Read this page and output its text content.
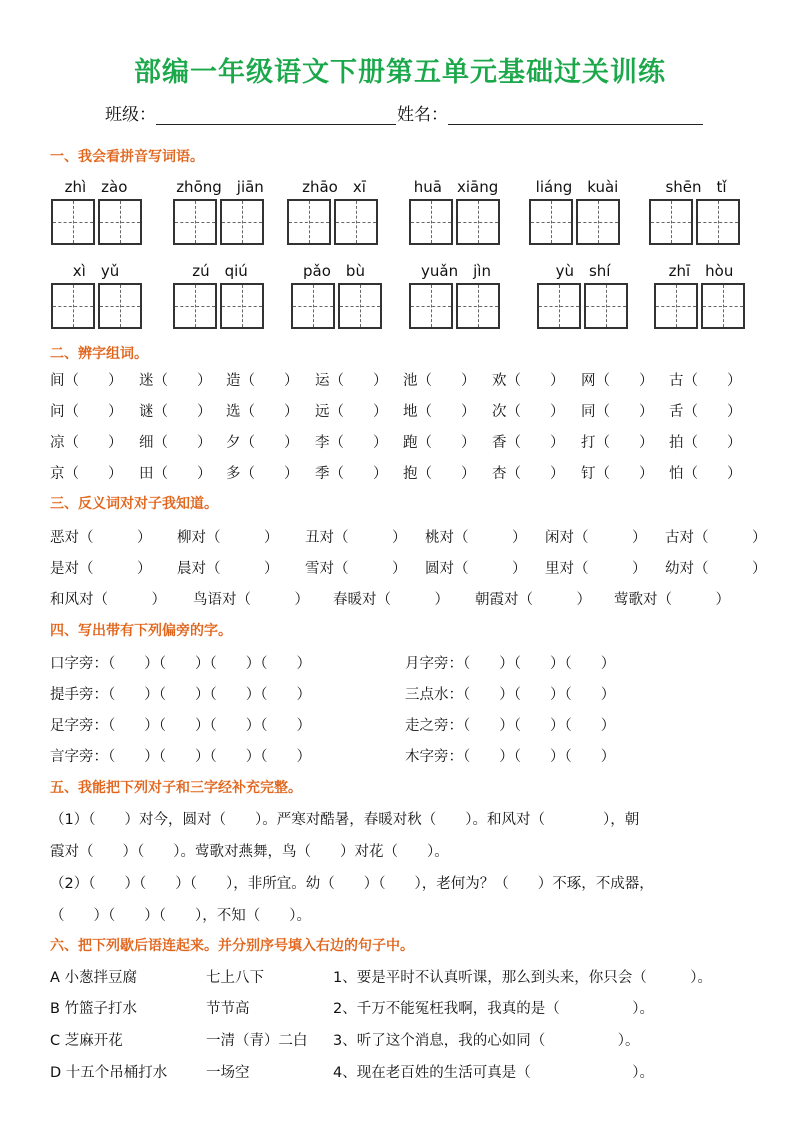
部编一年级语文下册第五单元基础过关训练
班级：	姓名：
一、我会看拼音写词语。
zhì　zào	zhōng　jiān	zhāo　xī	huā　xiāng	liáng　kuài	shēn　tǐ
xì　yǔ	zú　qiú	pǎo　bù	yuǎn　jìn	yù　shí	zhī　hòu
二、辨字组词。
间（　　） 迷（　　） 造（　　） 运（　　） 池（　　） 欢（　　） 网（　　） 古（　　）
问（　　） 谜（　　） 选（　　） 远（　　） 地（　　） 次（　　） 同（　　） 舌（　　）
凉（　　） 细（　　） 夕（　　） 李（　　） 跑（　　） 香（　　） 打（　　） 拍（　　）
京（　　） 田（　　） 多（　　） 季（　　） 抱（　　） 杏（　　） 钉（　　） 怕（　　）
三、反义词对对子我知道。
恶对（　　　） 柳对（　　　） 丑对（　　　） 桃对（　　　） 闲对（　　　） 古对（　　　）
是对（　　　） 晨对（　　　） 雪对（　　　） 圆对（　　　） 里对（　　　） 幼对（　　　）
和风对（　　　） 鸟语对（　　　） 春暖对（　　　） 朝霞对（　　　） 莺歌对（　　　）
四、写出带有下列偏旁的字。
口字旁：（　　）（　　）（　　）（　　）	月字旁：（　　）（　　）（　　）
提手旁：（　　）（　　）（　　）（　　）	三点水：（　　）（　　）（　　）
足字旁：（　　）（　　）（　　）（　　）	走之旁：（　　）（　　）（　　）
言字旁：（　　）（　　）（　　）（　　）	木字旁：（　　）（　　）（　　）
五、我能把下列对子和三字经补充完整。
（1）（　　）对今，圆对（　　）。严寒对酷暑，春暖对秋（　　）。和风对（　　　　），朝
霞对（　　）（　　）。莺歌对燕舞，鸟（　　）对花（　　）。
（2）（　　）（　　）（　　），非所宜。幼（　　）（　　），老何为？（　　）不琢，不成器，
（　　）（　　）（　　），不知（　　）。
六、把下列歇后语连起来。并分别序号填入右边的句子中。
A 小葱拌豆腐	七上八下	1、要是平时不认真听课，那么到头来，你只会（　　　）。
B 竹篮子打水	节节高	2、千万不能冤枉我啊，我真的是（　　　　　）。
C 芝麻开花	一清（青）二白 3、听了这个消息，我的心如同（　　　　　）。
D 十五个吊桶打水	一场空	4、现在老百姓的生活可真是（　　　　　　　）。
